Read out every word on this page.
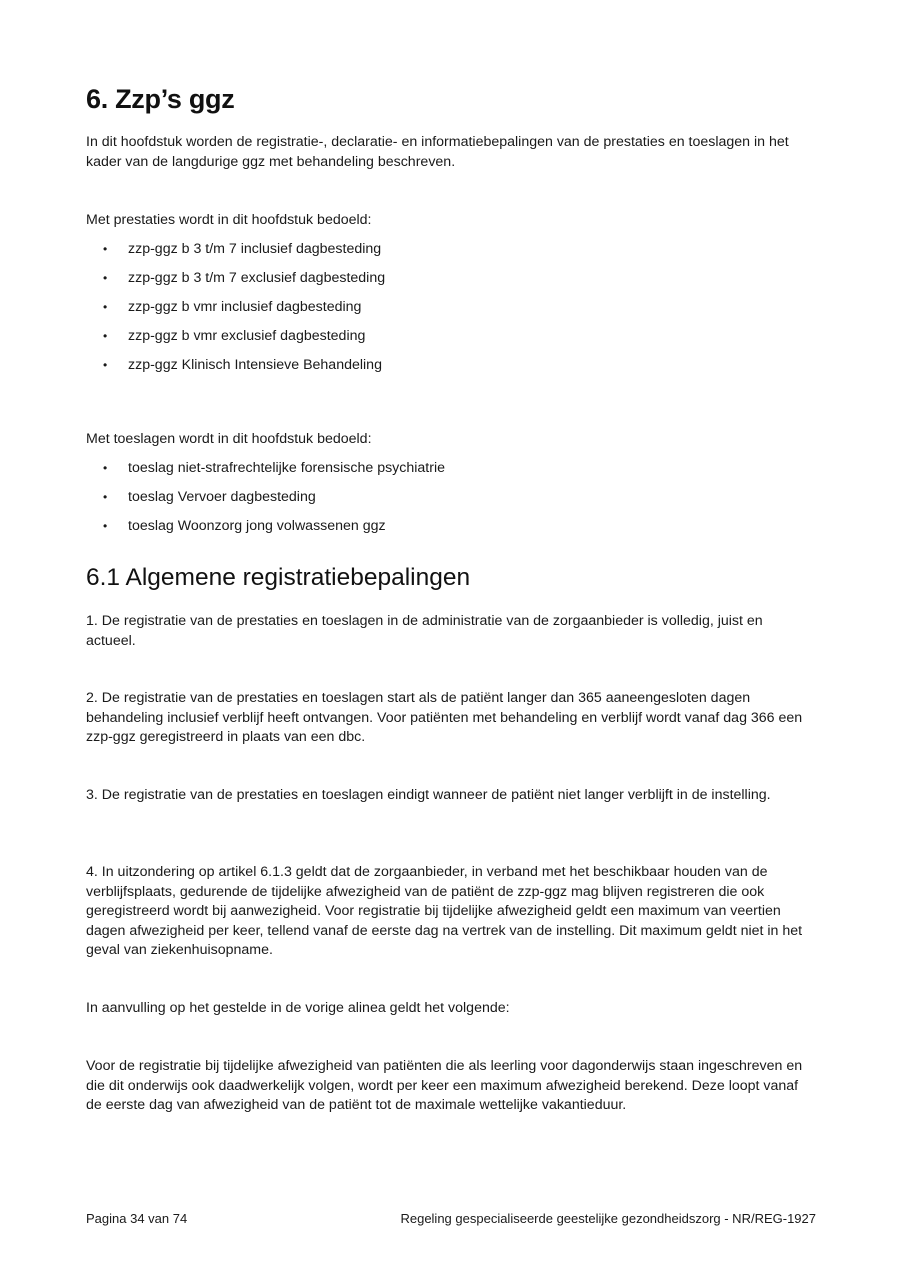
6. Zzp’s ggz

In dit hoofdstuk worden de registratie-, declaratie- en informatiebepalingen van de prestaties en toeslagen in het kader van de langdurige ggz met behandeling beschreven.

Met prestaties wordt in dit hoofdstuk bedoeld:

• zzp-ggz b 3 t/m 7 inclusief dagbesteding
• zzp-ggz b 3 t/m 7 exclusief dagbesteding
• zzp-ggz b vmr inclusief dagbesteding
• zzp-ggz b vmr exclusief dagbesteding
• zzp-ggz Klinisch Intensieve Behandeling

Met toeslagen wordt in dit hoofdstuk bedoeld:

• toeslag niet-strafrechtelijke forensische psychiatrie
• toeslag Vervoer dagbesteding
• toeslag Woonzorg jong volwassenen ggz
6.1 Algemene registratiebepalingen

1. De registratie van de prestaties en toeslagen in de administratie van de zorgaanbieder is volledig, juist en actueel.

2. De registratie van de prestaties en toeslagen start als de patiënt langer dan 365 aaneengesloten dagen behandeling inclusief verblijf heeft ontvangen. Voor patiënten met behandeling en verblijf wordt vanaf dag 366 een zzp-ggz geregistreerd in plaats van een dbc.

3. De registratie van de prestaties en toeslagen eindigt wanneer de patiënt niet langer verblijft in de instelling.

4. In uitzondering op artikel 6.1.3 geldt dat de zorgaanbieder, in verband met het beschikbaar houden van de verblijfsplaats, gedurende de tijdelijke afwezigheid van de patiënt de zzp-ggz mag blijven registreren die ook geregistreerd wordt bij aanwezigheid. Voor registratie bij tijdelijke afwezigheid geldt een maximum van veertien dagen afwezigheid per keer, tellend vanaf de eerste dag na vertrek van de instelling. Dit maximum geldt niet in het geval van ziekenhuisopname.

In aanvulling op het gestelde in de vorige alinea geldt het volgende:

Voor de registratie bij tijdelijke afwezigheid van patiënten die als leerling voor dagonderwijs staan ingeschreven en die dit onderwijs ook daadwerkelijk volgen, wordt per keer een maximum afwezigheid berekend. Deze loopt vanaf de eerste dag van afwezigheid van de patiënt tot de maximale wettelijke vakantieduur.

Pagina 34 van 74	Regeling gespecialiseerde geestelijke gezondheidszorg - NR/REG-1927
